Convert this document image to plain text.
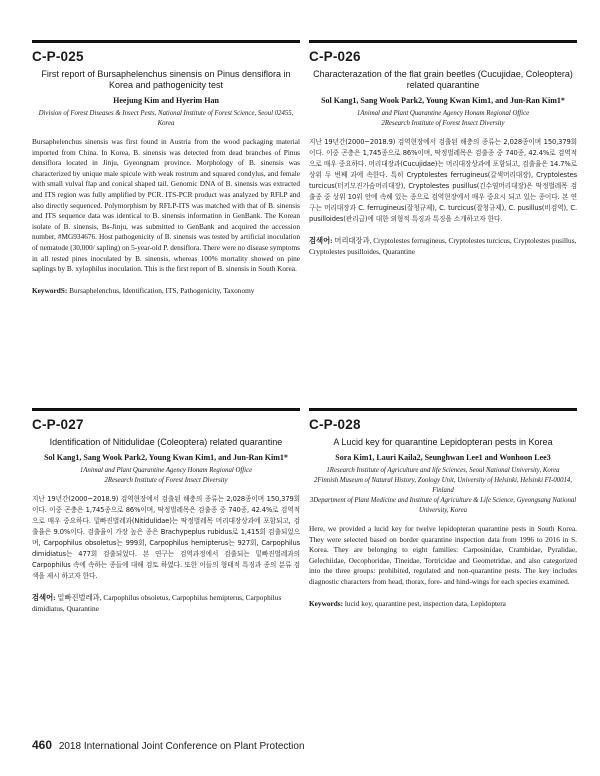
C-P-025
First report of Bursaphelenchus sinensis on Pinus densiflora in Korea and pathogenicity test
Heejung Kim and Hyerim Han
Division of Forest Diseases & Insect Pests, National Institute of Forest Science, Seoul 02455, Korea

Bursaphelenchus sinensis was first found in Austria from the wood packaging material imported from China. In Korea, B. sinensis was detected from dead branches of Pinus densiflora located in Jinju, Gyeongnam province. Morphology of B. sinensis was characterized by unique male spicule with weak rostrum and squared condylus, and female with small vulval flap and conical shaped tail. Genomic DNA of B. sinensis was extracted and ITS region was fully amplified by PCR. ITS-PCR product was analyzed by RFLP and also directly sequenced. Polymorphism by RFLP-ITS was matched with that of B. sinensis and ITS sequence data was identical to B. sinensis information in GenBank. The Korean isolate of B. sinensis, Bs-Jinju, was submitted to GenBank and acquired the accession number, #MG934676. Host pathogenicity of B. sinensis was tested by artificial inoculation of nematode (30,000/ sapling) on 5-year-old P. densiflora. There were no disease symptoms in all tested pines inoculated by B. sinensis, whereas 100% mortality showed on pine saplings by B. xylophilus inoculation. This is the first report of B. sinensis in South Korea.

KeywordS: Bursaphelenchus, Identification, ITS, Pathogenicity, Taxonomy
C-P-026
Characterazation of the flat grain beetles (Cucujidae, Coleoptera) related quarantine
Sol Kang1, Sang Wook Park2, Young Kwan Kim1, and Jun-Ran Kim1*
1Animal and Plant Quarantine Agency Honam Regional Office
2Research Institute of Forest Insect Diversity

지난 19년간(2000~2018.9) 검역현장에서 검출된 해충의 종류는 2,028종이며 150,379회 이다. 이중 곤충은 1,745종으로 86%이며, 딱정벌레목은 검출종 중 740종, 42.4%로 검역적으로 매우 중요하다. 머리대장과(Cucujidae)는 머리대장상과에 포함되고, 검출율은 14.7%로 상위 두 번째 과에 속한다. 특히 Cryptolestes ferrugineus(갈색머리대장), Cryptolestes turcicus(터키모진가슴머리대장), Cryptolestes pusillus(긴수염머리대장)은 딱정벌레목 검출종 중 상위 10위 안에 속해 있는 종으로 검역현장에서 매우 중요시 되고 있는 종이다. 본 연구는 머리대장과 C. ferrugineus(잘청규제), C. turcicus(잘청규제), C. pusillus(비검역), C. pusilloides(관리급)에 대한 외형적 특징과 특징을 소개하고자 한다.

검색어: 머리대장과, Cryptolestes ferrugineus, Cryptolestes turcicus, Cryptolestes pusillus, Cryptolestes pusilloides, Quarantine
C-P-027
Identification of Nitidulidae (Coleoptera) related quarantine
Sol Kang1, Sang Wook Park2, Young Kwan Kim1, and Jun-Ran Kim1*
1Animal and Plant Quarantine Agency Honam Regional Office
2Research Institute of Forest Insect Diversity

지난 19년간(2000~2018.9) 검역현장에서 검출된 해충의 종류는 2,028종이며 150,379회 이다. 이중 곤충은 1,745종으로 86%이며, 딱정벌레목은 검출종 중 740종, 42.4%로 검역적으로 매우 중요하다. 밑빠진벌레과(Nitidulidae)는 딱정벌레목 머리대장상과에 포함되고, 검출율은 9.0%이다. 검출율이 가장 높은 종은 Brachypeplus rubidus로 1,415회 검출되었으며, Carpophilus obsoletus는 999회, Carpophilus hemipterus는 927회, Carpophilus dimidiatus는 477회 검출되었다. 본 연구는 검역과정에서 검출되는 밑빠진벌레과의 Carpophilus 속에 속하는 종들에 대해 검토 하였다. 또한 이들의 형태적 특징과 종의 분류 검색을 제시 하고자 한다.

검색어: 밑빠진벌레과, Carpophilus obsoletus, Carpophilus hemipterus, Carpophilus dimidiatus, Quarantine
C-P-028
A Lucid key for quarantine Lepidopteran pests in Korea
Sora Kim1, Lauri Kaila2, Seunghwan Lee1 and Wonhoon Lee3
1Research Institute of Agriculture and life Sciences, Seoul National University, Korea
2Finnish Museum of Natural History, Zoology Unit, University of Helsinki, Helsinki FI-00014, Finland
3Department of Plant Medicine and Institute of Agriculture & Life Science, Gyeongsang National University, Korea

Here, we provided a lucid key for twelve lepidopteran quarantine pests in South Korea. They were selected based on border quarantine inspection data from 1996 to 2016 in S. Korea. They are belonging to eight families: Carposinidae, Crambidae, Pyralidae, Gelechiidae, Oecophoridae, Tineidae, Tortricidae and Geometridae, and also categorized into the three groups: prohibited, regulated and non-quarantine pests. The key includes diagnostic characters from head, thorax, fore- and hind-wings for each species examined.

Keywords: lucid key, quarantine pest, inspection data, Lepidoptera
460 2018 International Joint Conference on Plant Protection
